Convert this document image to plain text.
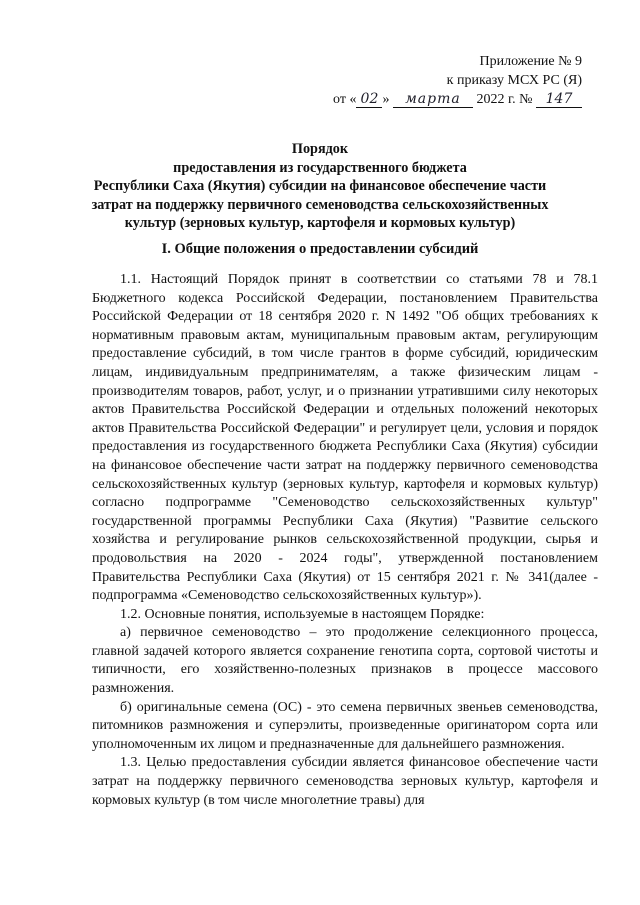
Приложение № 9
к приказу МСХ РС (Я)
от « 02 » марта 2022 г. № 147
Порядок
предоставления из государственного бюджета
Республики Саха (Якутия) субсидии на финансовое обеспечение части
затрат на поддержку первичного семеноводства сельскохозяйственных
культур (зерновых культур, картофеля и кормовых культур)
I. Общие положения о предоставлении субсидий

1.1. Настоящий Порядок принят в соответствии со статьями 78 и 78.1 Бюджетного кодекса Российской Федерации, постановлением Правительства Российской Федерации от 18 сентября 2020 г. N 1492 "Об общих требованиях к нормативным правовым актам, муниципальным правовым актам, регулирующим предоставление субсидий, в том числе грантов в форме субсидий, юридическим лицам, индивидуальным предпринимателям, а также физическим лицам - производителям товаров, работ, услуг, и о признании утратившими силу некоторых актов Правительства Российской Федерации и отдельных положений некоторых актов Правительства Российской Федерации" и регулирует цели, условия и порядок предоставления из государственного бюджета Республики Саха (Якутия) субсидии на финансовое обеспечение части затрат на поддержку первичного семеноводства сельскохозяйственных культур (зерновых культур, картофеля и кормовых культур) согласно подпрограмме "Семеноводство сельскохозяйственных культур" государственной программы Республики Саха (Якутия) "Развитие сельского хозяйства и регулирование рынков сельскохозяйственной продукции, сырья и продовольствия на 2020 - 2024 годы", утвержденной постановлением Правительства Республики Саха (Якутия) от 15 сентября 2021 г. № 341(далее - подпрограмма «Семеноводство сельскохозяйственных культур»).

1.2. Основные понятия, используемые в настоящем Порядке:

а) первичное семеноводство – это продолжение селекционного процесса, главной задачей которого является сохранение генотипа сорта, сортовой чистоты и типичности, его хозяйственно-полезных признаков в процессе массового размножения.

б) оригинальные семена (ОС) - это семена первичных звеньев семеноводства, питомников размножения и суперэлиты, произведенные оригинатором сорта или уполномоченным их лицом и предназначенные для дальнейшего размножения.

1.3. Целью предоставления субсидии является финансовое обеспечение части затрат на поддержку первичного семеноводства зерновых культур, картофеля и кормовых культур (в том числе многолетние травы) для
